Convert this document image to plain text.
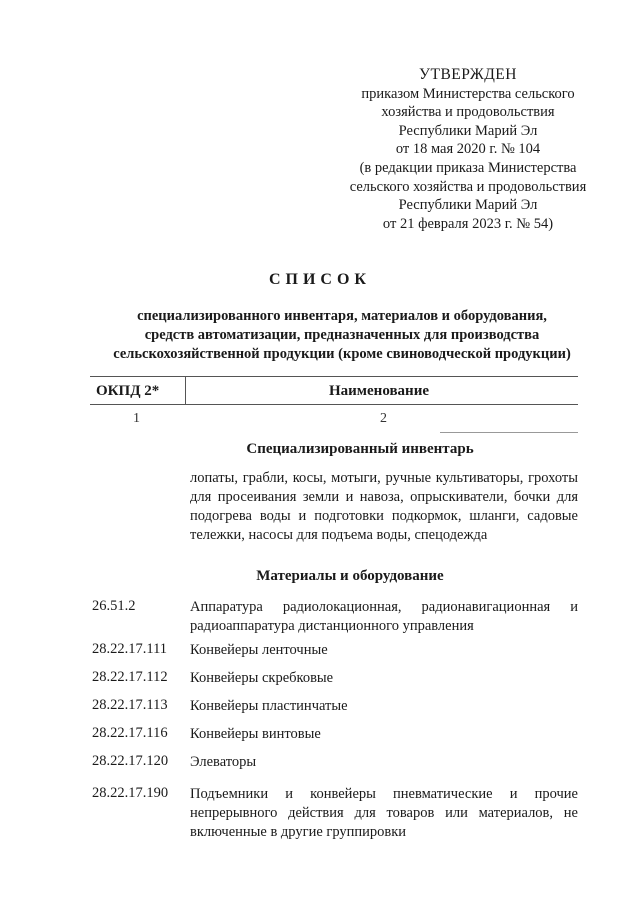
УТВЕРЖДЕН
приказом Министерства сельского
хозяйства и продовольствия
Республики Марий Эл
от 18 мая 2020 г. № 104
(в редакции приказа Министерства
сельского хозяйства и продовольствия
Республики Марий Эл
от 21 февраля 2023 г. № 54)
СПИСОК
специализированного инвентаря, материалов и оборудования,
средств автоматизации, предназначенных для производства
сельскохозяйственной продукции (кроме свиноводческой продукции)
ОКПД 2*	Наименование
1	2
Специализированный инвентарь
лопаты, грабли, косы, мотыги, ручные культиваторы, грохоты для просеивания земли и навоза, опрыскиватели, бочки для подогрева воды и подготовки подкормок, шланги, садовые тележки, насосы для подъема воды, спецодежда
Материалы и оборудование
26.51.2	Аппаратура радиолокационная, радионавигационная и радиоаппаратура дистанционного управления
28.22.17.111 Конвейеры ленточные
28.22.17.112 Конвейеры скребковые
28.22.17.113 Конвейеры пластинчатые
28.22.17.116 Конвейеры винтовые
28.22.17.120 Элеваторы
28.22.17.190 Подъемники и конвейеры пневматические и прочие непрерывного действия для товаров или материалов, не включенные в другие группировки
